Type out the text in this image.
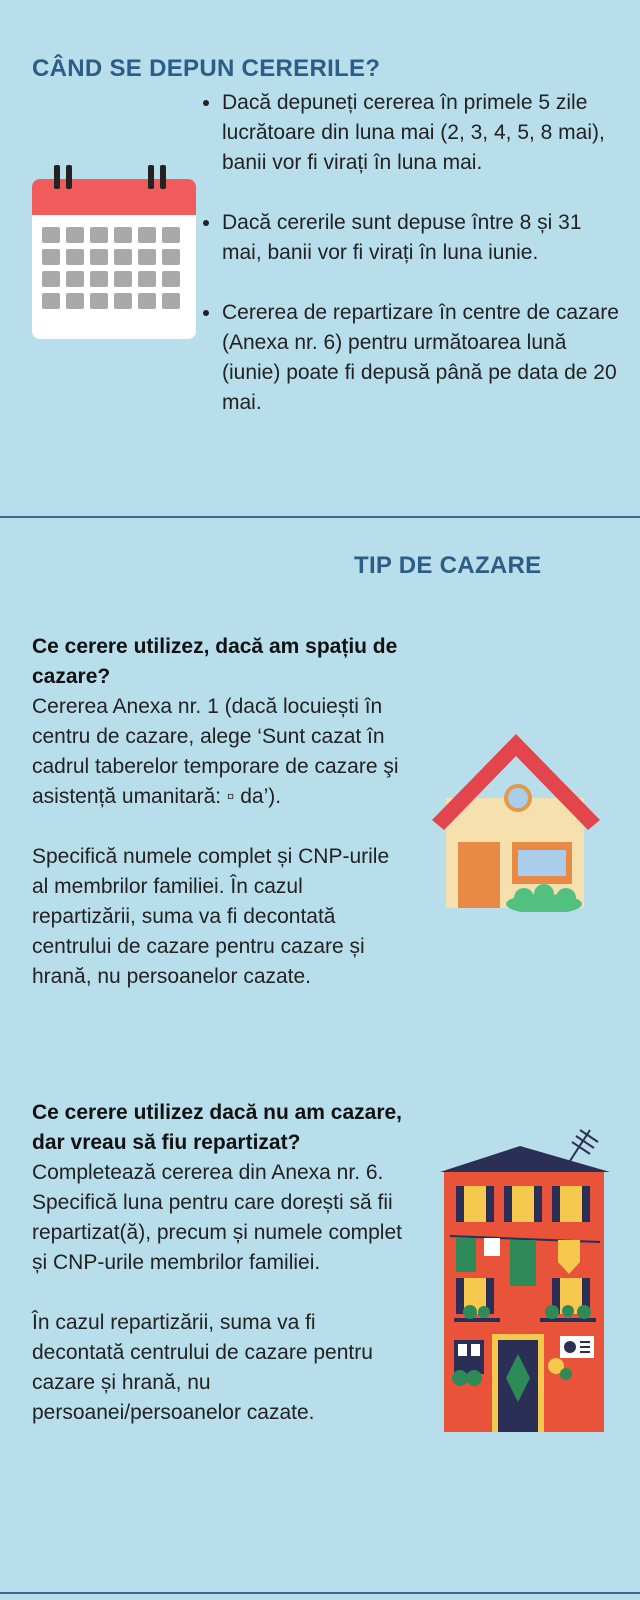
CÂND SE DEPUN CERERILE?
• Dacă depuneți cererea în primele 5 zile lucrătoare din luna mai (2, 3, 4, 5, 8 mai), banii vor fi virați în luna mai.
• Dacă cererile sunt depuse între 8 și 31 mai, banii vor fi virați în luna iunie.
• Cererea de repartizare în centre de cazare (Anexa nr. 6) pentru următoarea lună (iunie) poate fi depusă până pe data de 20 mai.
TIP DE CAZARE

Ce cerere utilizez, dacă am spațiu de cazare?

Cererea Anexa nr. 1 (dacă locuiești în centru de cazare, alege ‘Sunt cazat în cadrul taberelor temporare de cazare şi asistență umanitară: ▫ da’).

Specifică numele complet și CNP-urile al membrilor familiei. În cazul repartizării, suma va fi decontată centrului de cazare pentru cazare și hrană, nu persoanelor cazate.

Ce cerere utilizez dacă nu am cazare, dar vreau să fiu repartizat?

Completează cererea din Anexa nr. 6. Specifică luna pentru care dorești să fii repartizat(ă), precum și numele complet și CNP-urile membrilor familiei.

În cazul repartizării, suma va fi decontată centrului de cazare pentru cazare și hrană, nu persoanei/persoanelor cazate.
